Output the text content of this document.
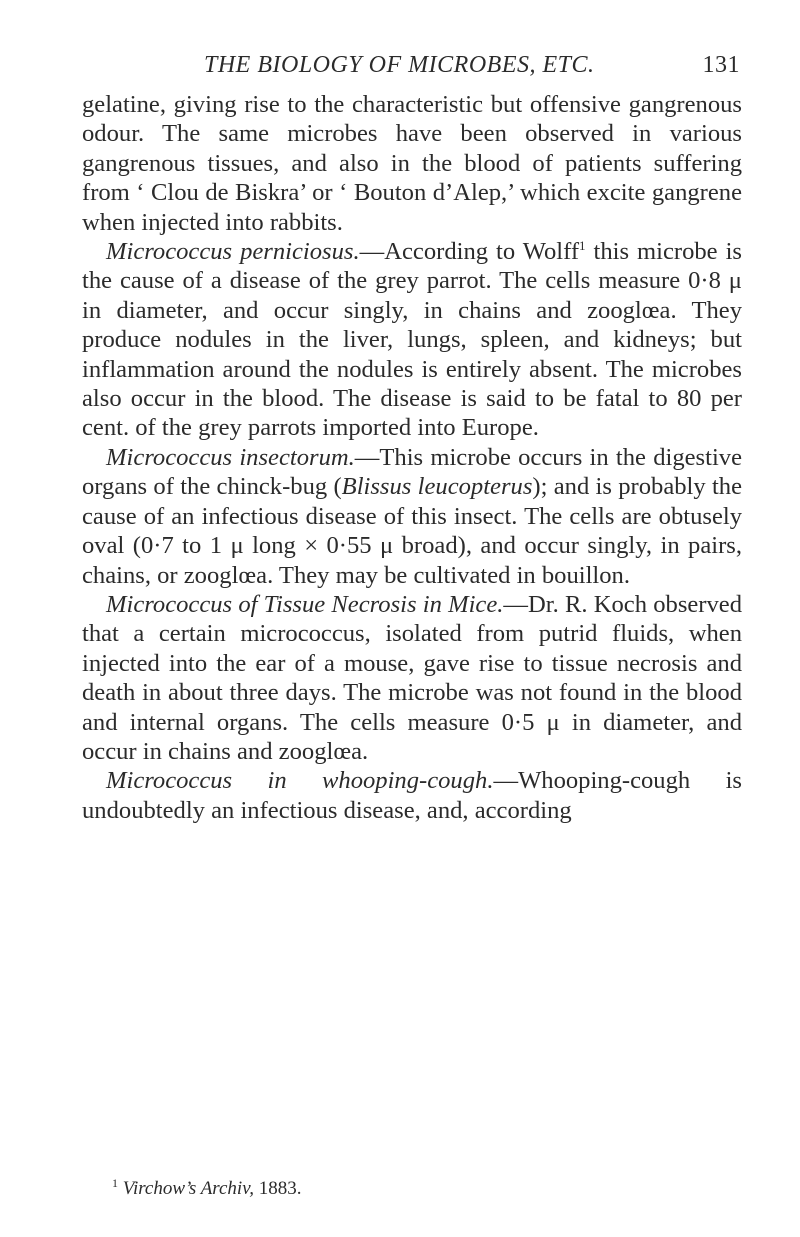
THE BIOLOGY OF MICROBES, ETC.	131

gelatine, giving rise to the characteristic but offensive gangrenous odour. The same microbes have been observed in various gangrenous tissues, and also in the blood of patients suffering from ‘ Clou de Biskra’ or ‘ Bouton d’Alep,’ which excite gangrene when injected into rabbits.

Micrococcus perniciosus.—According to Wolff$^1$ this microbe is the cause of a disease of the grey parrot. The cells measure 0·8 μ in diameter, and occur singly, in chains and zooglœa. They produce nodules in the liver, lungs, spleen, and kidneys; but inflammation around the nodules is entirely absent. The microbes also occur in the blood. The disease is said to be fatal to 80 per cent. of the grey parrots imported into Europe.

Micrococcus insectorum.—This microbe occurs in the digestive organs of the chinck-bug (Blissus leucopterus); and is probably the cause of an infectious disease of this insect. The cells are obtusely oval (0·7 to 1 μ long × 0·55 μ broad), and occur singly, in pairs, chains, or zooglœa. They may be cultivated in bouillon.

Micrococcus of Tissue Necrosis in Mice.—Dr. R. Koch observed that a certain micrococcus, isolated from putrid fluids, when injected into the ear of a mouse, gave rise to tissue necrosis and death in about three days. The microbe was not found in the blood and internal organs. The cells measure 0·5 μ in diameter, and occur in chains and zooglœa.

Micrococcus in whooping-cough.—Whooping-cough is undoubtedly an infectious disease, and, according

$^1$ Virchow’s Archiv, 1883.
